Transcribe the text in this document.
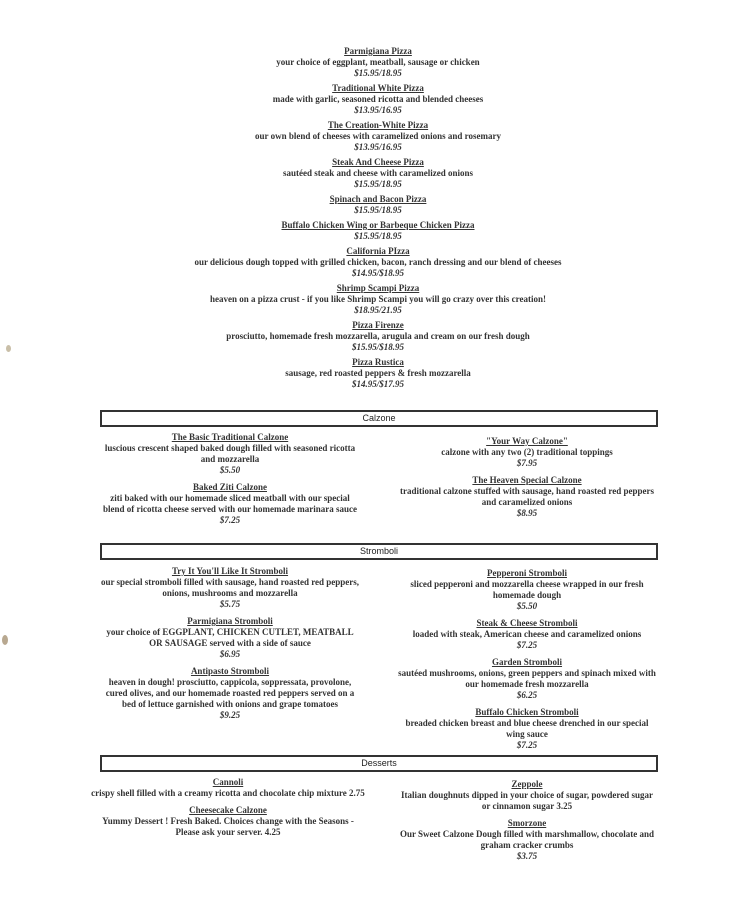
Parmigiana Pizza
your choice of eggplant, meatball, sausage or chicken
$15.95/18.95
Traditional White Pizza
made with garlic, seasoned ricotta and blended cheeses
$13.95/16.95
The Creation-White Pizza
our own blend of cheeses with caramelized onions and rosemary
$13.95/16.95
Steak And Cheese Pizza
sautéed steak and cheese with caramelized onions
$15.95/18.95
Spinach and Bacon Pizza
$15.95/18.95
Buffalo Chicken Wing or Barbeque Chicken Pizza
$15.95/18.95
California PIzza
our delicious dough topped with grilled chicken, bacon, ranch dressing and our blend of cheeses
$14.95/$18.95
Shrimp Scampi Pizza
heaven on a pizza crust - if you like Shrimp Scampi you will go crazy over this creation!
$18.95/21.95
Pizza Firenze
prosciutto, homemade fresh mozzarella, arugula and cream on our fresh dough
$15.95/$18.95
Pizza Rustica
sausage, red roasted peppers & fresh mozzarella
$14.95/$17.95
Calzone
The Basic Traditional Calzone
luscious crescent shaped baked dough filled with seasoned ricotta and mozzarella
$5.50
Baked Ziti Calzone
ziti baked with our homemade sliced meatball with our special blend of ricotta cheese served with our homemade marinara sauce
$7.25
"Your Way Calzone"
calzone with any two (2) traditional toppings
$7.95
The Heaven Special Calzone
traditional calzone stuffed with sausage, hand roasted red peppers and caramelized onions
$8.95
Stromboli
Try It You'll Like It Stromboli
our special stromboli filled with sausage, hand roasted red peppers, onions, mushrooms and mozzarella
$5.75
Parmigiana Stromboli
your choice of EGGPLANT, CHICKEN CUTLET, MEATBALL OR SAUSAGE served with a side of sauce
$6.95
Antipasto Stromboli
heaven in dough! prosciutto, cappicola, soppressata, provolone, cured olives, and our homemade roasted red peppers served on a bed of lettuce garnished with onions and grape tomatoes
$9.25
Pepperoni Stromboli
sliced pepperoni and mozzarella cheese wrapped in our fresh homemade dough
$5.50
Steak & Cheese Stromboli
loaded with steak, American cheese and caramelized onions
$7.25
Garden Stromboli
sautéed mushrooms, onions, green peppers and spinach mixed with our homemade fresh mozzarella
$6.25
Buffalo Chicken Stromboli
breaded chicken breast and blue cheese drenched in our special wing sauce
$7.25
Desserts
Cannoli
crispy shell filled with a creamy ricotta and chocolate chip mixture 2.75
Cheesecake Calzone
Yummy Dessert ! Fresh Baked. Choices change with the Seasons - Please ask your server. 4.25
Zeppole
Italian doughnuts dipped in your choice of sugar, powdered sugar or cinnamon sugar 3.25
Smorzone
Our Sweet Calzone Dough filled with marshmallow, chocolate and graham cracker crumbs
$3.75
